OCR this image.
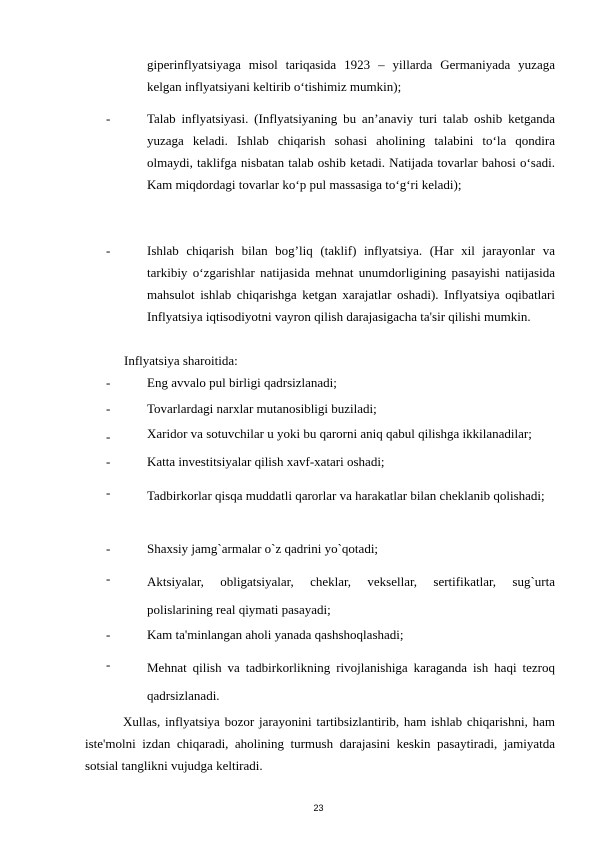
giperinflyatsiyaga misol tariqasida 1923 – yillarda Germaniyada yuzaga kelgan inflyatsiyani keltirib o‘tishimiz mumkin);

-	Talab inflyatsiyasi. (Inflyatsiyaning bu an’anaviy turi talab oshib ketganda yuzaga keladi. Ishlab chiqarish sohasi aholining talabini to‘la qondira olmaydi, taklifga nisbatan talab oshib ketadi. Natijada tovarlar bahosi o‘sadi. Kam miqdordagi tovarlar ko‘p pul massasiga to‘g‘ri keladi);

-	Ishlab chiqarish bilan bog’liq (taklif) inflyatsiya. (Har xil jarayonlar va tarkibiy o‘zgarishlar natijasida mehnat unumdorligining pasayishi natijasida mahsulot ishlab chiqarishga ketgan xarajatlar oshadi). Inflyatsiya oqibatlari Inflyatsiya iqtisodiyotni vayron qilish darajasigacha ta'sir qilishi mumkin.

Inflyatsiya sharoitida:

-	Eng avvalo pul birligi qadrsizlanadi;

-	Tovarlardagi narxlar mutanosibligi buziladi;

-	Xaridor va sotuvchilar u yoki bu qarorni aniq qabul qilishga ikkilanadilar;

-	Katta investitsiyalar qilish xavf-xatari oshadi;

-	Tadbirkorlar qisqa muddatli qarorlar va harakatlar bilan cheklanib qolishadi;

-	Shaxsiy jamg`armalar o`z qadrini yo`qotadi;

-	Aktsiyalar, obligatsiyalar, cheklar, veksellar, sertifikatlar, sug`urta polislarining real qiymati pasayadi;

-	Kam ta'minlangan aholi yanada qashshoqlashadi;

-	Mehnat qilish va tadbirkorlikning rivojlanishiga karaganda ish haqi tezroq qadrsizlanadi.

Xullas, inflyatsiya bozor jarayonini tartibsizlantirib, ham ishlab chiqarishni, ham iste'molni izdan chiqaradi, aholining turmush darajasini keskin pasaytiradi, jamiyatda sotsial tanglikni vujudga keltiradi.

23
